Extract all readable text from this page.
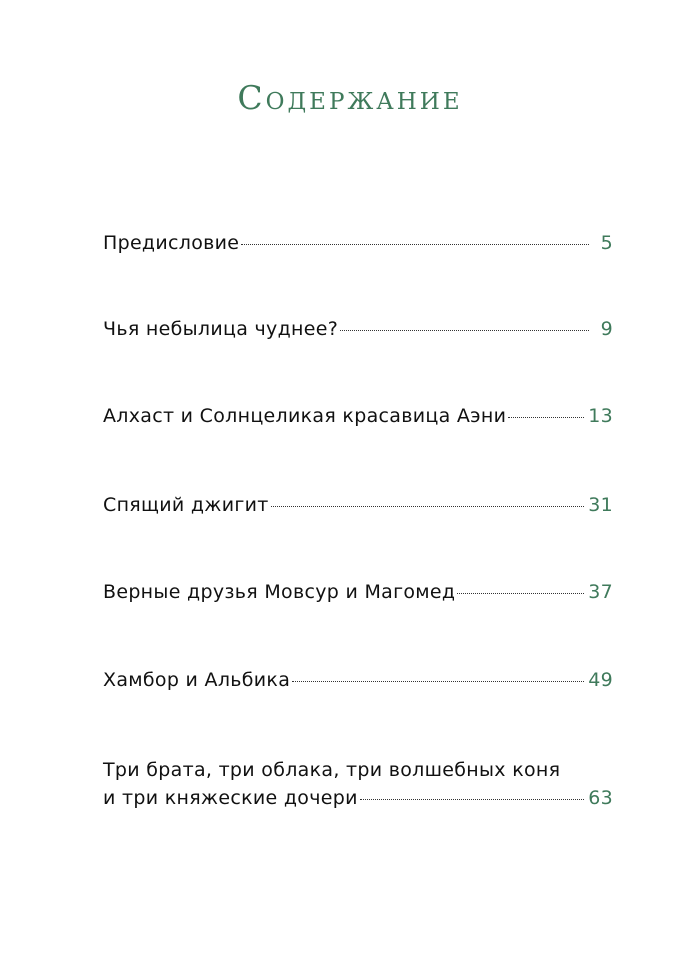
Содержание
Предисловие	5
Чья небылица чуднее?	9
Алхаст и Солнцеликая красавица Аэни	13
Спящий джигит	31
Верные друзья Мовсур и Магомед	37
Хамбор и Альбика	49
Три брата, три облака, три волшебных коня
и три княжеские дочери	63
